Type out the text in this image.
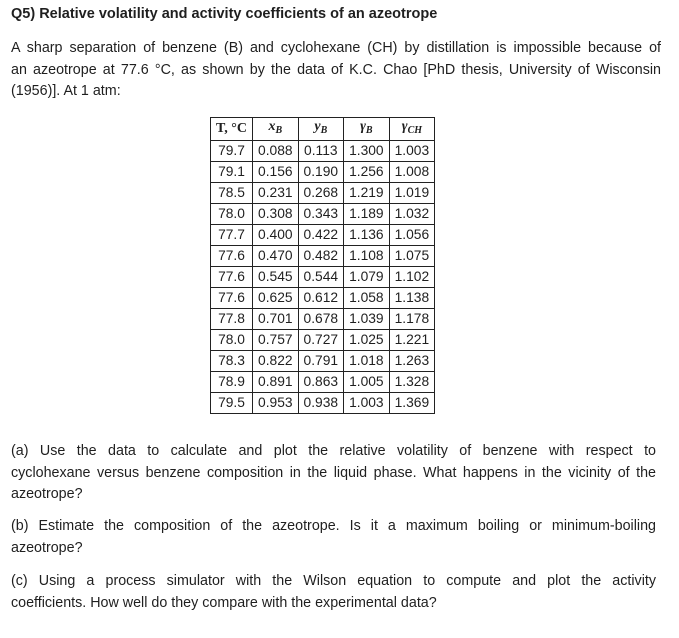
Q5) Relative volatility and activity coefficients of an azeotrope
A sharp separation of benzene (B) and cyclohexane (CH) by distillation is impossible because of
an azeotrope at 77.6 °C, as shown by the data of K.C. Chao [PhD thesis, University of Wisconsin
(1956)]. At 1 atm:
T, °C	$x_B$	$y_B$	$\gamma_B$	$\gamma_{CH}$
79.7	0.088	0.113	1.300	1.003
79.1	0.156	0.190	1.256	1.008
78.5	0.231	0.268	1.219	1.019
78.0	0.308	0.343	1.189	1.032
77.7	0.400	0.422	1.136	1.056
77.6	0.470	0.482	1.108	1.075
77.6	0.545	0.544	1.079	1.102
77.6	0.625	0.612	1.058	1.138
77.8	0.701	0.678	1.039	1.178
78.0	0.757	0.727	1.025	1.221
78.3	0.822	0.791	1.018	1.263
78.9	0.891	0.863	1.005	1.328
79.5	0.953	0.938	1.003	1.369
(a) Use the data to calculate and plot the relative volatility of benzene with respect to
cyclohexane versus benzene composition in the liquid phase. What happens in the vicinity of the
azeotrope?
(b) Estimate the composition of the azeotrope. Is it a maximum boiling or minimum-boiling
azeotrope?
(c) Using a process simulator with the Wilson equation to compute and plot the activity
coefficients. How well do they compare with the experimental data?
